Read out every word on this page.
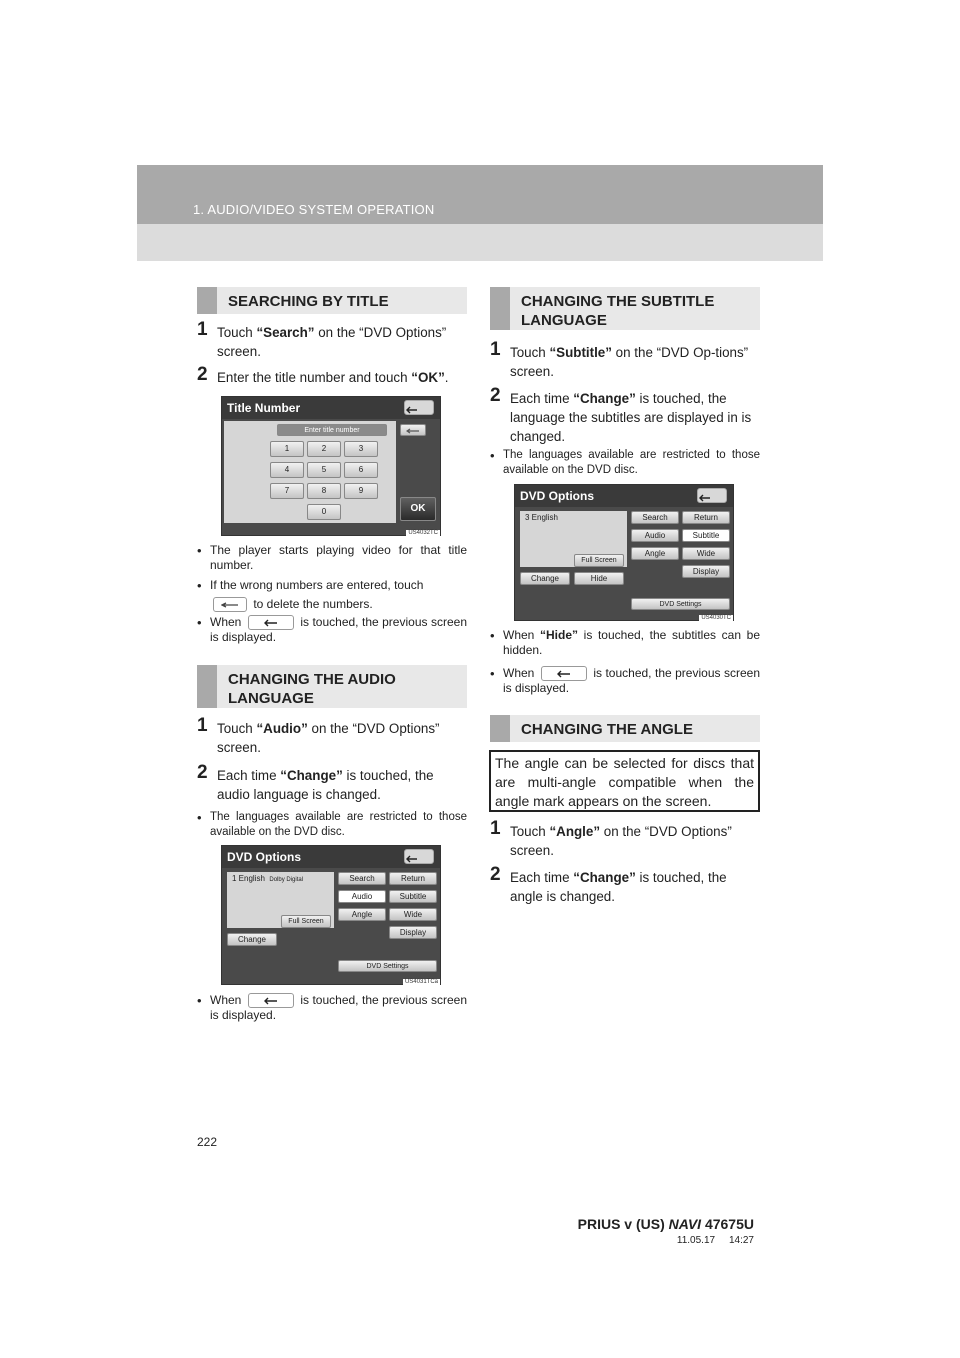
1. AUDIO/VIDEO SYSTEM OPERATION
SEARCHING BY TITLE
1 Touch “Search” on the “DVD Options” screen.
2 Enter the title number and touch “OK”.
Title Number
Enter title number
1	2	3
4	5	6
7	8	9
0	OK
US4032TC
• The player starts playing video for that title number.
• If the wrong numbers are entered, touch

to delete the numbers.
• When	is touched, the previous screen is displayed.
CHANGING THE AUDIO LANGUAGE
1 Touch “Audio” on the “DVD Options” screen.
2 Each time “Change” is touched, the audio language is changed.
• The languages available are restricted to those available on the DVD disc.
DVD Options
1 English Dolby Digital
Full Screen
Change
Search	Return
Audio	Subtitle
Angle	Wide
Display
DVD Settings
US4031TCa
• When	is touched, the previous screen is displayed.
CHANGING THE SUBTITLE LANGUAGE
1 Touch “Subtitle” on the “DVD Op-tions” screen.
2 Each time “Change” is touched, the language the subtitles are displayed in is changed.
• The languages available are restricted to those available on the DVD disc.
DVD Options
3 English
Full Screen
Change	Hide
Search	Return
Audio	Subtitle
Angle	Wide
Display
DVD Settings
US4030TC
• When “Hide” is touched, the subtitles can be hidden.
• When	is touched, the previous screen is displayed.
CHANGING THE ANGLE
The angle can be selected for discs that are multi-angle compatible when the angle mark appears on the screen.
1 Touch “Angle” on the “DVD Options” screen.
2 Each time “Change” is touched, the angle is changed.
222
PRIUS v (US) NAVI 47675U
11.05.17     14:27
